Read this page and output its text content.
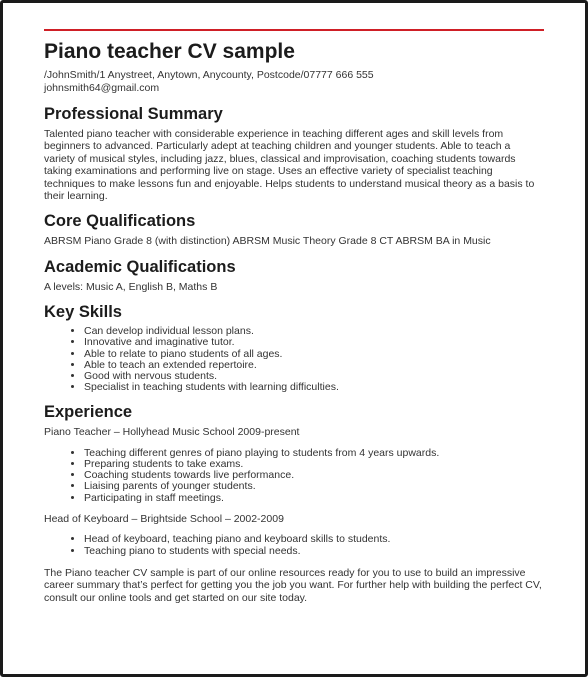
Piano teacher CV sample
/JohnSmith/1 Anystreet, Anytown, Anycounty, Postcode/07777 666 555
johnsmith64@gmail.com
Professional Summary

Talented piano teacher with considerable experience in teaching different ages and skill levels from beginners to advanced. Particularly adept at teaching children and younger students. Able to teach a variety of musical styles, including jazz, blues, classical and improvisation, coaching students towards taking examinations and performing live on stage. Uses an effective variety of specialist teaching techniques to make lessons fun and enjoyable. Helps students to understand musical theory as a basis to their learning.

Core Qualifications

ABRSM Piano Grade 8 (with distinction) ABRSM Music Theory Grade 8 CT ABRSM BA in Music

Academic Qualifications

A levels: Music A, English B, Maths B

Key Skills
• Can develop individual lesson plans.
• Innovative and imaginative tutor.
• Able to relate to piano students of all ages.
• Able to teach an extended repertoire.
• Good with nervous students.
• Specialist in teaching students with learning difficulties.
Experience

Piano Teacher – Hollyhead Music School 2009-present

• Teaching different genres of piano playing to students from 4 years upwards.
• Preparing students to take exams.
• Coaching students towards live performance.
• Liaising parents of younger students.
• Participating in staff meetings.

Head of Keyboard – Brightside School – 2002-2009

• Head of keyboard, teaching piano and keyboard skills to students.
• Teaching piano to students with special needs.

The Piano teacher CV sample is part of our online resources ready for you to use to build an impressive career summary that’s perfect for getting you the job you want. For further help with building the perfect CV, consult our online tools and get started on our site today.
